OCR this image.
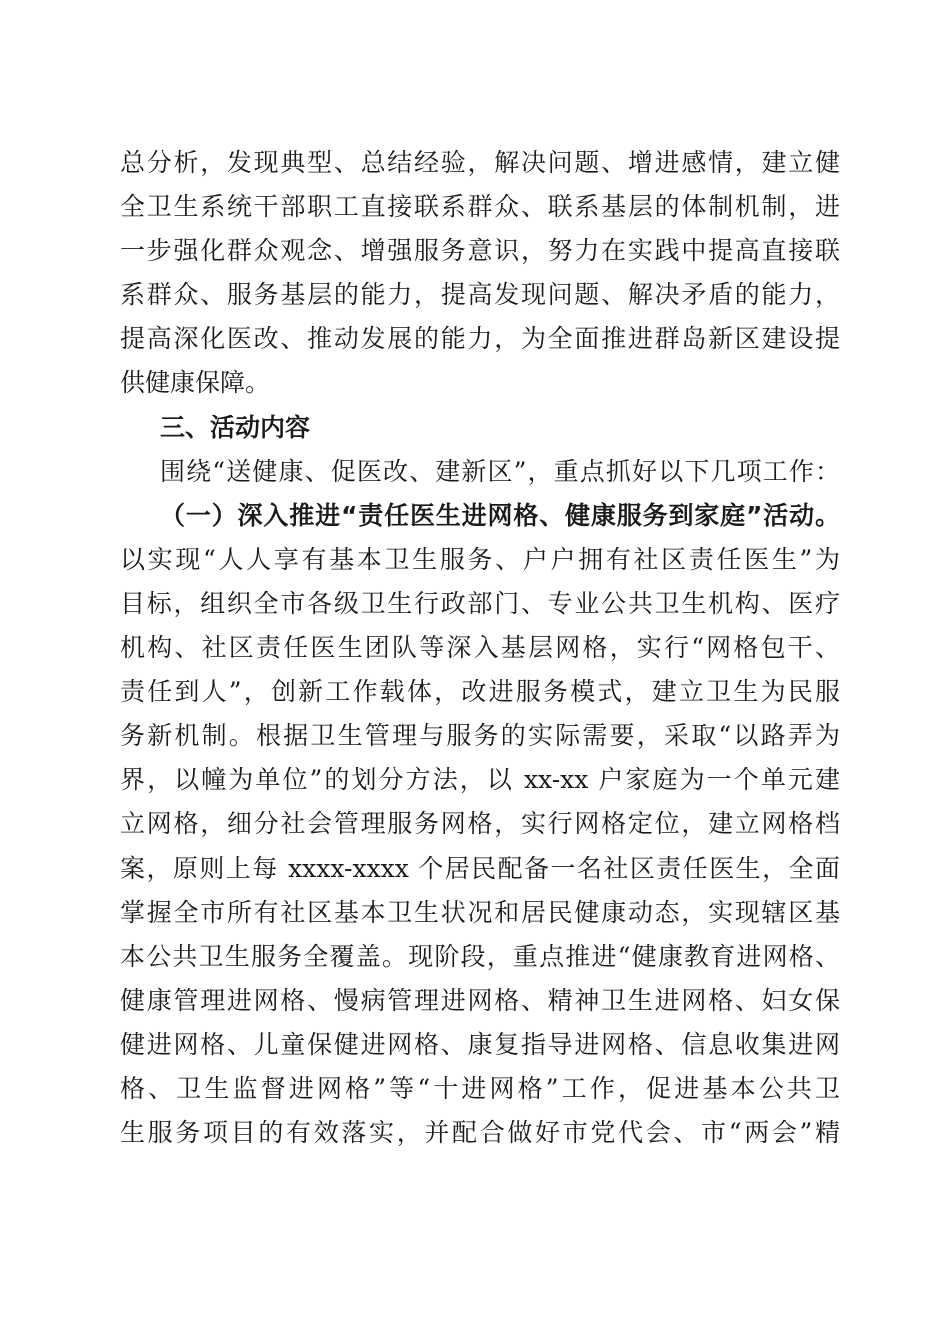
总分析，发现典型、总结经验，解决问题、增进感情，建立健
全卫生系统干部职工直接联系群众、联系基层的体制机制，进
一步强化群众观念、增强服务意识，努力在实践中提高直接联
系群众、服务基层的能力，提高发现问题、解决矛盾的能力，
提高深化医改、推动发展的能力，为全面推进群岛新区建设提
供健康保障。
三、活动内容
围绕“送健康、促医改、建新区”，重点抓好以下几项工作：
（一）深入推进“责任医生进网格、健康服务到家庭”活动。
以实现“人人享有基本卫生服务、户户拥有社区责任医生”为
目标，组织全市各级卫生行政部门、专业公共卫生机构、医疗
机构、社区责任医生团队等深入基层网格，实行“网格包干、
责任到人”，创新工作载体，改进服务模式，建立卫生为民服
务新机制。根据卫生管理与服务的实际需要，采取“以路弄为
界，以幢为单位”的划分方法，以 xx-xx 户家庭为一个单元建
立网格，细分社会管理服务网格，实行网格定位，建立网格档
案，原则上每 xxxx-xxxx 个居民配备一名社区责任医生，全面
掌握全市所有社区基本卫生状况和居民健康动态，实现辖区基
本公共卫生服务全覆盖。现阶段，重点推进“健康教育进网格、
健康管理进网格、慢病管理进网格、精神卫生进网格、妇女保
健进网格、儿童保健进网格、康复指导进网格、信息收集进网
格、卫生监督进网格”等“十进网格”工作，促进基本公共卫
生服务项目的有效落实，并配合做好市党代会、市“两会”精
